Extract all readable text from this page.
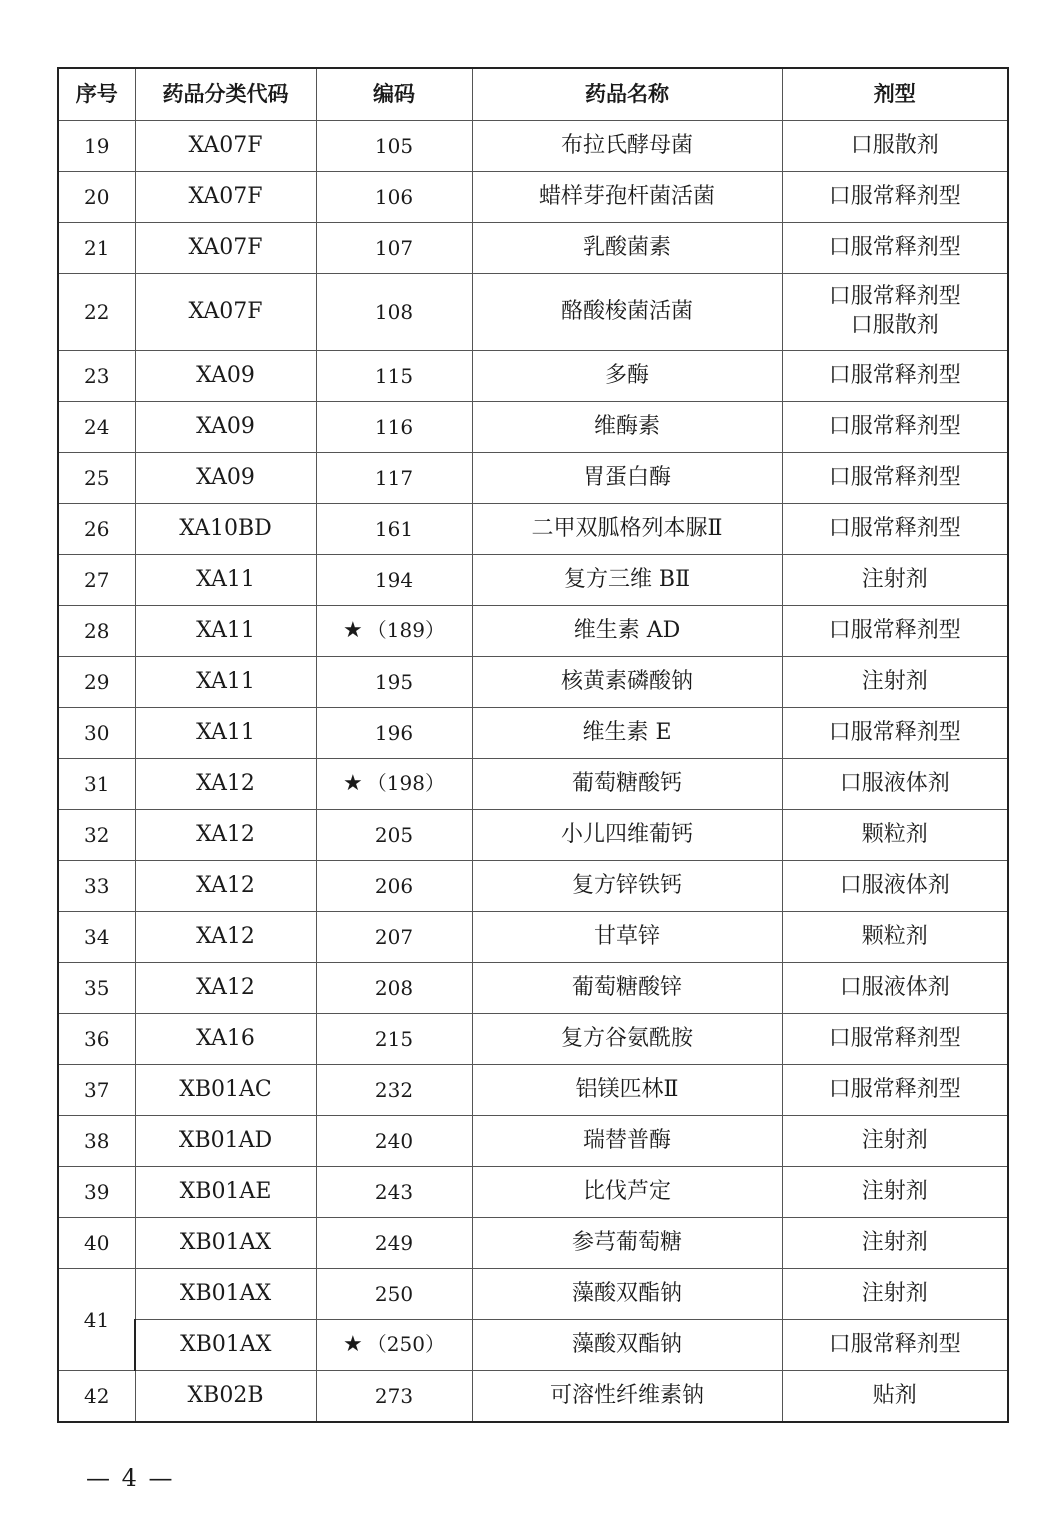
序号	药品分类代码	编码	药品名称	剂型
19	XA07F	105	布拉氏酵母菌	口服散剂

20	XA07F	106	蜡样芽孢杆菌活菌	口服常释剂型

21	XA07F	107	乳酸菌素	口服常释剂型

22	XA07F	108	酪酸梭菌活菌	口服常释剂型
口服散剂

23	XA09	115	多酶	口服常释剂型

24	XA09	116	维酶素	口服常释剂型

25	XA09	117	胃蛋白酶	口服常释剂型

26	XA10BD	161	二甲双胍格列本脲Ⅱ	口服常释剂型

27	XA11	194	复方三维 BⅡ	注射剂

28	XA11	★ （189）	维生素 AD	口服常释剂型

29	XA11	195	核黄素磷酸钠	注射剂

30	XA11	196	维生素 E	口服常释剂型

31	XA12	★ （198）	葡萄糖酸钙	口服液体剂

32	XA12	205	小儿四维葡钙	颗粒剂

33	XA12	206	复方锌铁钙	口服液体剂

34	XA12	207	甘草锌	颗粒剂

35	XA12	208	葡萄糖酸锌	口服液体剂

36	XA16	215	复方谷氨酰胺	口服常释剂型

37	XB01AC	232	铝镁匹林Ⅱ	口服常释剂型

38	XB01AD	240	瑞替普酶	注射剂

39	XB01AE	243	比伐芦定	注射剂

40	XB01AX	249	参芎葡萄糖	注射剂

41	XB01AX	250	藻酸双酯钠	注射剂

	XB01AX	★ （250）	藻酸双酯钠	口服常释剂型

42	XB02B	273	可溶性纤维素钠	贴剂
— 4 —
